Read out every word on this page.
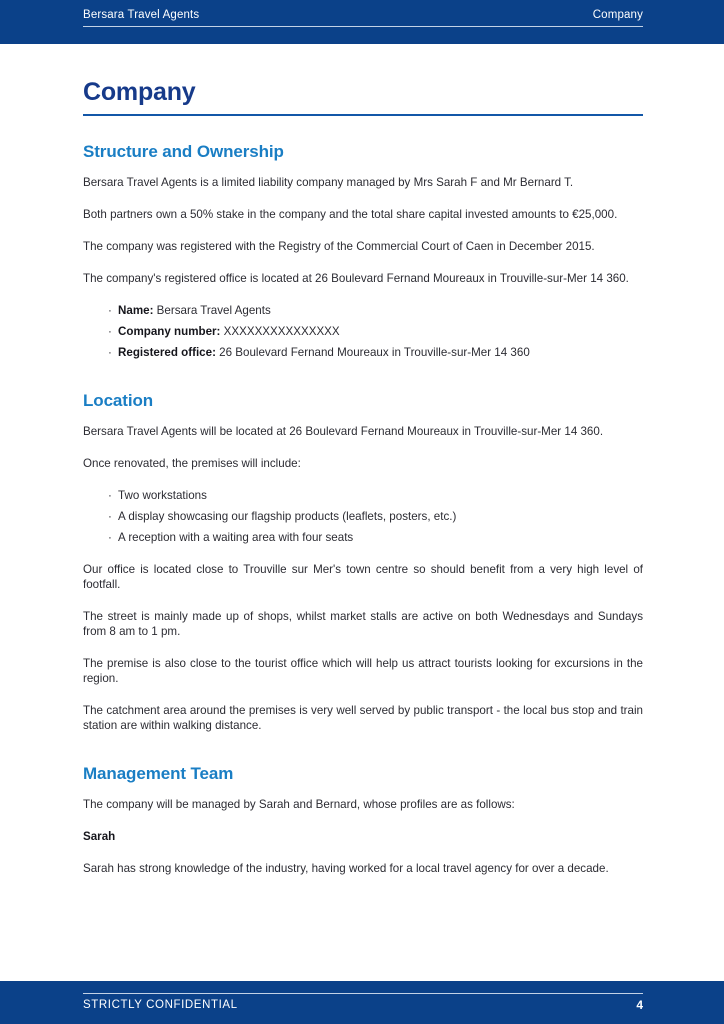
Bersara Travel Agents	Company
Company
Structure and Ownership

Bersara Travel Agents is a limited liability company managed by Mrs Sarah F and Mr Bernard T.

Both partners own a 50% stake in the company and the total share capital invested amounts to €25,000.

The company was registered with the Registry of the Commercial Court of Caen in December 2015.

The company's registered office is located at 26 Boulevard Fernand Moureaux in Trouville-sur-Mer 14 360.

· Name: Bersara Travel Agents
· Company number: XXXXXXXXXXXXXXX
· Registered office: 26 Boulevard Fernand Moureaux in Trouville-sur-Mer 14 360
Location

Bersara Travel Agents will be located at 26 Boulevard Fernand Moureaux in Trouville-sur-Mer 14 360.

Once renovated, the premises will include:

· Two workstations
· A display showcasing our flagship products (leaflets, posters, etc.)
· A reception with a waiting area with four seats

Our office is located close to Trouville sur Mer's town centre so should benefit from a very high level of footfall.

The street is mainly made up of shops, whilst market stalls are active on both Wednesdays and Sundays from 8 am to 1 pm.

The premise is also close to the tourist office which will help us attract tourists looking for excursions in the region.

The catchment area around the premises is very well served by public transport - the local bus stop and train station are within walking distance.

Management Team

The company will be managed by Sarah and Bernard, whose profiles are as follows:

Sarah

Sarah has strong knowledge of the industry, having worked for a local travel agency for over a decade.

STRICTLY CONFIDENTIAL	4
